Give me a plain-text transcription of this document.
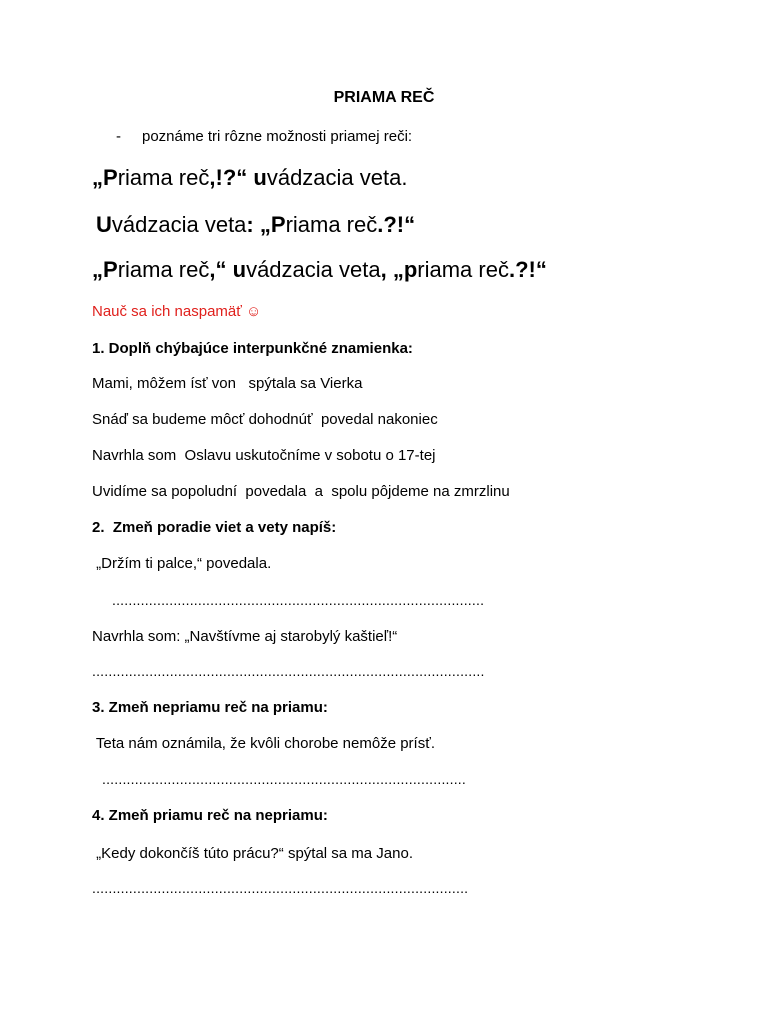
PRIAMA REČ
- poznáme tri rôzne možnosti priamej reči:
„Priama reč,!?“ uvádzacia veta.
Uvádzacia veta: „Priama reč.?!“
„Priama reč,“ uvádzacia veta, „priama reč.?!“
Nauč sa ich naspamäť ☺
1. Doplň chýbajúce interpunkčné znamienka:
Mami, môžem ísť von   spýtala sa Vierka
Snáď sa budeme môcť dohodnúť  povedal nakoniec
Navrhla som  Oslavu uskutočníme v sobotu o 17-tej
Uvidíme sa popoludní  povedala  a  spolu pôjdeme na zmrzlinu
2.  Zmeň poradie viet a vety napíš:
„Držím ti palce,“ povedala.
...........................................................................................
Navrhla som: „Navštívme aj starobylý kaštieľ!“
................................................................................................
3. Zmeň nepriamu reč na priamu:
Teta nám oznámila, že kvôli chorobe nemôže prísť.
.........................................................................................
4. Zmeň priamu reč na nepriamu:
„Kedy dokončíš túto prácu?“ spýtal sa ma Jano.
............................................................................................
